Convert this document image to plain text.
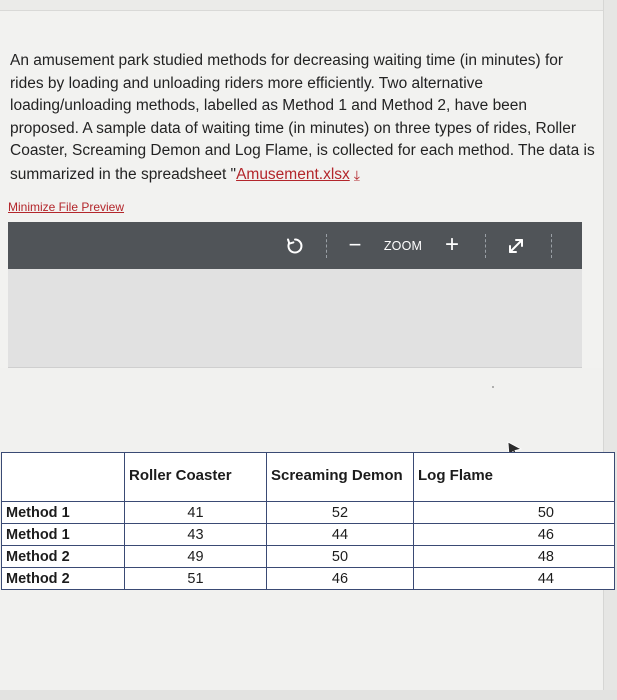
An amusement park studied methods for decreasing waiting time (in minutes) for rides by loading and unloading riders more efficiently. Two alternative loading/unloading methods, labelled as Method 1 and Method 2, have been proposed. A sample data of waiting time (in minutes) on three types of rides, Roller Coaster, Screaming Demon and Log Flame, is collected for each method. The data is summarized in the spreadsheet "Amusement.xlsx ⤓

Minimize File Preview
−	ZOOM +
	Roller Coaster	Screaming Demon	Log Flame
Method 1	41	52	50
Method 1	43	44	46
Method 2	49	50	48
Method 2	51	46	44
